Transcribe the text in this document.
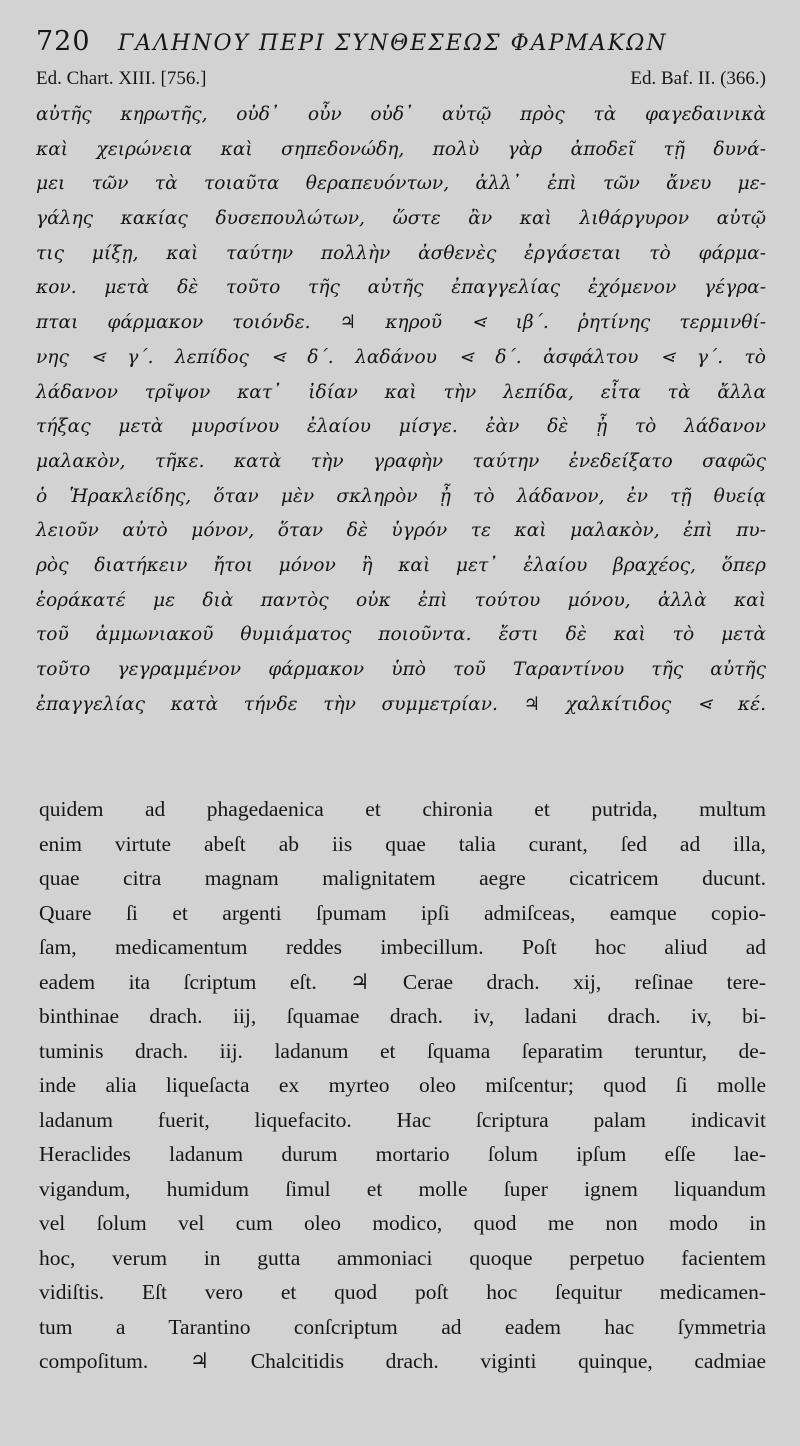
720	ΓΑΛΗΝΟΥ ΠΕΡΙ ΣΥΝΘΕΣΕΩΣ ΦΑΡΜΑΚΩΝ
Ed. Chart. XIII. [756.]	Ed. Baf. II. (366.)
αὐτῆς κηρωτῆς, οὐδ᾽ οὖν οὐδ᾽ αὐτῷ πρὸς τὰ φαγεδαινικὰ
καὶ χειρώνεια καὶ σηπεδονώδη, πολὺ γὰρ ἀποδεῖ τῇ δυνά-
μει τῶν τὰ τοιαῦτα θεραπευόντων, ἀλλ᾽ ἐπὶ τῶν ἄνευ με-
γάλης κακίας δυσεπουλώτων, ὥστε ἂν καὶ λιθάργυρον αὐτῷ
τις μίξῃ, καὶ ταύτην πολλὴν ἀσθενὲς ἐργάσεται τὸ φάρμα-
κον. μετὰ δὲ τοῦτο τῆς αὐτῆς ἐπαγγελίας ἐχόμενον γέγρα-
πται φάρμακον τοιόνδε. ♃ κηροῦ ⋖ ιβ΄. ῥητίνης τερμινθί-
νης ⋖ γ΄. λεπίδος ⋖ δ΄. λαδάνου ⋖ δ΄. ἀσφάλτου ⋖ γ΄. τὸ
λάδανον τρῖψον κατ᾽ ἰδίαν καὶ τὴν λεπίδα, εἶτα τὰ ἄλλα
τήξας μετὰ μυρσίνου ἐλαίου μίσγε. ἐὰν δὲ ᾖ τὸ λάδανον
μαλακὸν, τῆκε. κατὰ τὴν γραφὴν ταύτην ἐνεδείξατο σαφῶς
ὁ Ἡρακλείδης, ὅταν μὲν σκληρὸν ᾖ τὸ λάδανον, ἐν τῇ θυείᾳ
λειοῦν αὐτὸ μόνον, ὅταν δὲ ὑγρόν τε καὶ μαλακὸν, ἐπὶ πυ-
ρὸς διατήκειν ἤτοι μόνον ἢ καὶ μετ᾽ ἐλαίου βραχέος, ὅπερ
ἑοράκατέ με διὰ παντὸς οὐκ ἐπὶ τούτου μόνου, ἀλλὰ καὶ
τοῦ ἀμμωνιακοῦ θυμιάματος ποιοῦντα. ἔστι δὲ καὶ τὸ μετὰ
τοῦτο γεγραμμένον φάρμακον ὑπὸ τοῦ Ταραντίνου τῆς αὐτῆς
ἐπαγγελίας κατὰ τήνδε τὴν συμμετρίαν. ♃ χαλκίτιδος ⋖ κέ.
quidem ad phagedaenica et chironia et putrida, multum
enim virtute abeſt ab iis quae talia curant, ſed ad illa,
quae citra magnam malignitatem aegre cicatricem ducunt.
Quare ſi et argenti ſpumam ipſi admiſceas, eamque copio-
ſam, medicamentum reddes imbecillum. Poſt hoc aliud ad
eadem ita ſcriptum eſt. ♃ Cerae drach. xij, reſinae tere-
binthinae drach. iij, ſquamae drach. iv, ladani drach. iv, bi-
tuminis drach. iij. ladanum et ſquama ſeparatim teruntur, de-
inde alia liqueſacta ex myrteo oleo miſcentur; quod ſi molle
ladanum fuerit, liquefacito. Hac ſcriptura palam indicavit
Heraclides ladanum durum mortario ſolum ipſum eſſe lae-
vigandum, humidum ſimul et molle ſuper ignem liquandum
vel ſolum vel cum oleo modico, quod me non modo in
hoc, verum in gutta ammoniaci quoque perpetuo facientem
vidiſtis. Eſt vero et quod poſt hoc ſequitur medicamen-
tum a Tarantino conſcriptum ad eadem hac ſymmetria
compoſitum. ♃ Chalcitidis drach. viginti quinque, cadmiae
